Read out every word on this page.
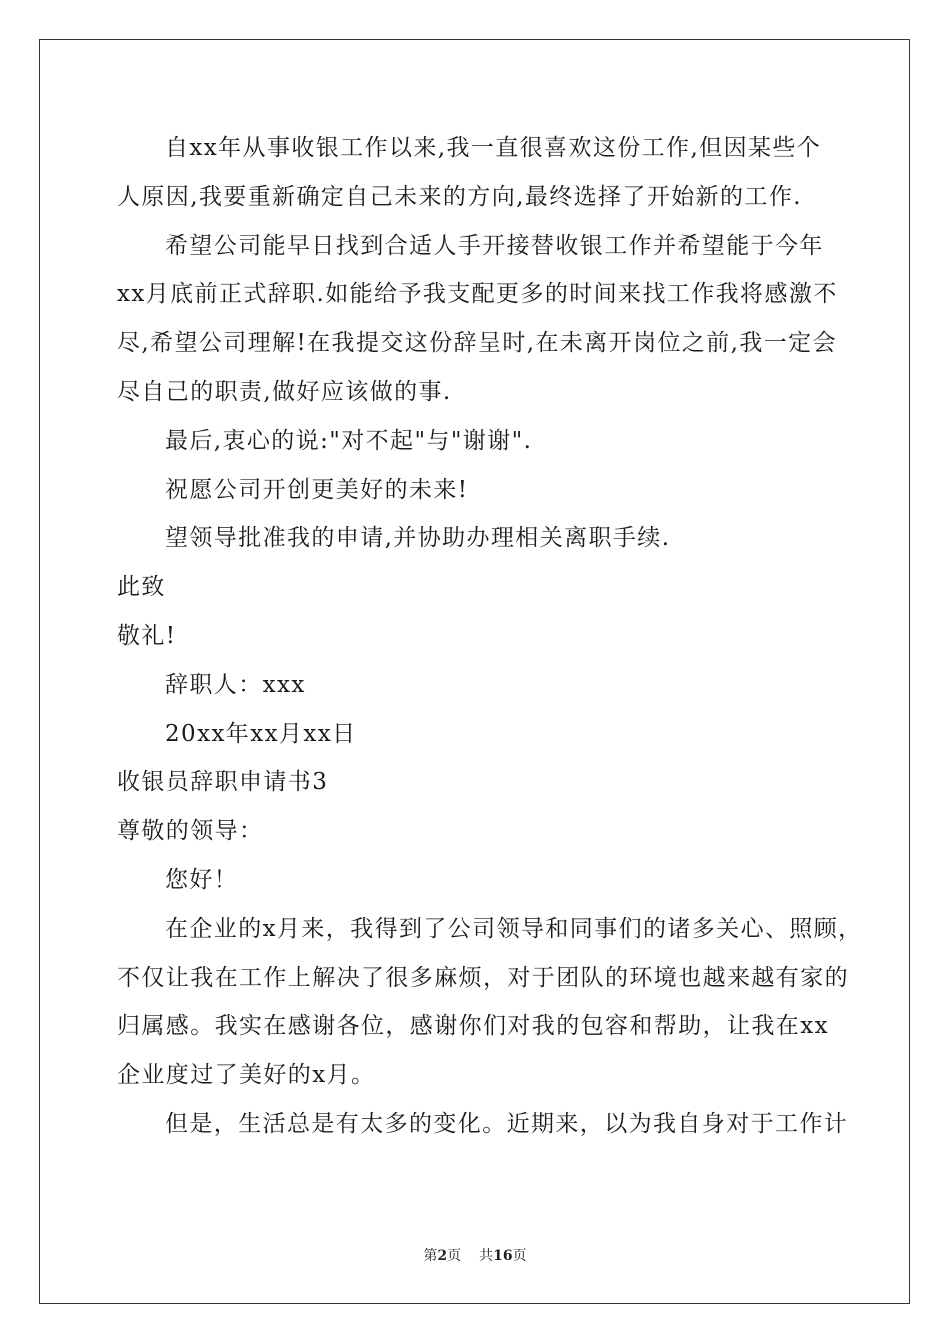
自xx年从事收银工作以来,我一直很喜欢这份工作,但因某些个
人原因,我要重新确定自己未来的方向,最终选择了开始新的工作.
希望公司能早日找到合适人手开接替收银工作并希望能于今年
xx月底前正式辞职.如能给予我支配更多的时间来找工作我将感激不
尽,希望公司理解!在我提交这份辞呈时,在未离开岗位之前,我一定会
尽自己的职责,做好应该做的事.
最后,衷心的说:"对不起"与"谢谢".
祝愿公司开创更美好的未来!
望领导批准我的申请,并协助办理相关离职手续.
此致
敬礼!
辞职人：xxx
20xx年xx月xx日
收银员辞职申请书3
尊敬的领导：
您好！
在企业的x月来，我得到了公司领导和同事们的诸多关心、照顾，
不仅让我在工作上解决了很多麻烦，对于团队的环境也越来越有家的
归属感。我实在感谢各位，感谢你们对我的包容和帮助，让我在xx
企业度过了美好的x月。
但是，生活总是有太多的变化。近期来，以为我自身对于工作计
第2页 共16页
